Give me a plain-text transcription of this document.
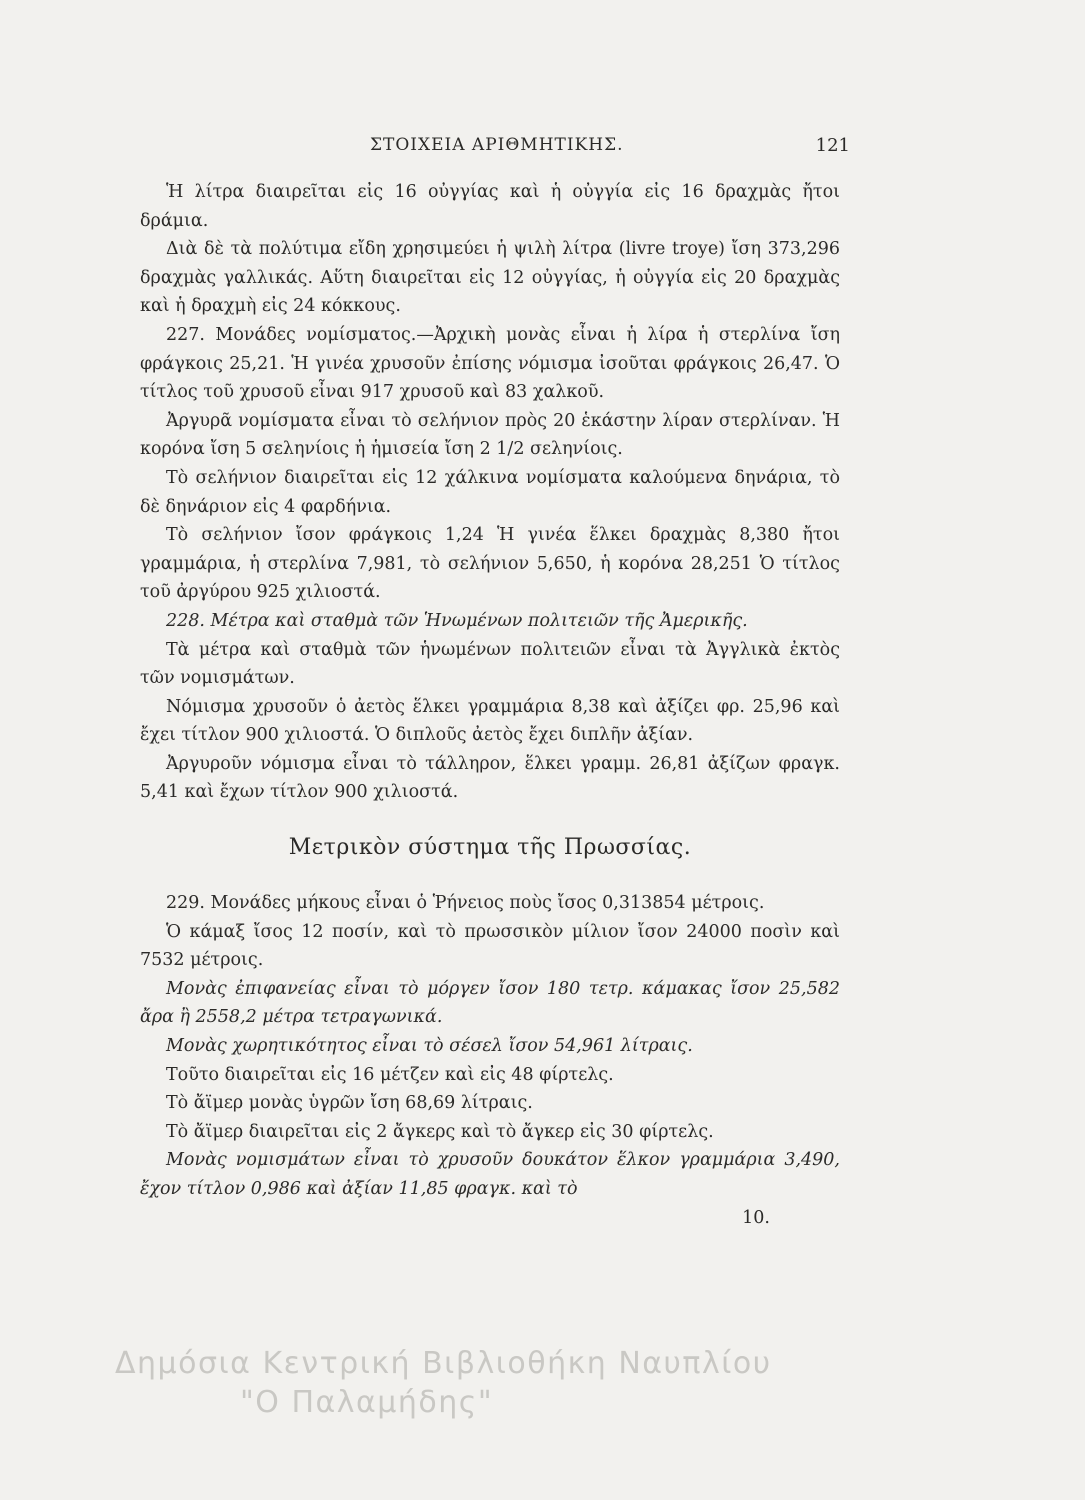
ΣΤΟΙΧΕΙΑ ΑΡΙΘΜΗΤΙΚΗΣ.	121

Ἡ λίτρα διαιρεῖται εἰς 16 οὐγγίας καὶ ἡ οὐγγία εἰς 16 δραχμὰς ἤτοι δράμια.

Διὰ δὲ τὰ πολύτιμα εἴδη χρησιμεύει ἡ ψιλὴ λίτρα (livre troye) ἴση 373,296 δραχμὰς γαλλικάς. Αὕτη διαιρεῖται εἰς 12 οὐγγίας, ἡ οὐγγία εἰς 20 δραχμὰς καὶ ἡ δραχμὴ εἰς 24 κόκκους.

227. Μονάδες νομίσματος.—Ἀρχικὴ μονὰς εἶναι ἡ λίρα ἡ στερλίνα ἴση φράγκοις 25,21. Ἡ γινέα χρυσοῦν ἐπίσης νόμισμα ἰσοῦται φράγκοις 26,47. Ὁ τίτλος τοῦ χρυσοῦ εἶναι 917 χρυσοῦ καὶ 83 χαλκοῦ.

Ἀργυρᾶ νομίσματα εἶναι τὸ σελήνιον πρὸς 20 ἑκάστην λίραν στερλίναν. Ἡ κορόνα ἴση 5 σεληνίοις ἡ ἡμισεία ἴση 2 1/2 σεληνίοις.

Τὸ σελήνιον διαιρεῖται εἰς 12 χάλκινα νομίσματα καλούμενα δηνάρια, τὸ δὲ δηνάριον εἰς 4 φαρδήνια.

Τὸ σελήνιον ἴσον φράγκοις 1,24 Ἡ γινέα ἕλκει δραχμὰς 8,380 ἤτοι γραμμάρια, ἡ στερλίνα 7,981, τὸ σελήνιον 5,650, ἡ κορόνα 28,251 Ὁ τίτλος τοῦ ἀργύρου 925 χιλιοστά.

228. Μέτρα καὶ σταθμὰ τῶν Ἡνωμένων πολιτειῶν τῆς Ἀμερικῆς.

Τὰ μέτρα καὶ σταθμὰ τῶν ἡνωμένων πολιτειῶν εἶναι τὰ Ἀγγλικὰ ἐκτὸς τῶν νομισμάτων.

Νόμισμα χρυσοῦν ὁ ἀετὸς ἕλκει γραμμάρια 8,38 καὶ ἀξίζει φρ. 25,96 καὶ ἔχει τίτλον 900 χιλιοστά. Ὁ διπλοῦς ἀετὸς ἔχει διπλῆν ἀξίαν.

Ἀργυροῦν νόμισμα εἶναι τὸ τάλληρον, ἕλκει γραμμ. 26,81 ἀξίζων φραγκ. 5,41 καὶ ἔχων τίτλον 900 χιλιοστά.

Μετρικὸν σύστημα τῆς Πρωσσίας.

229. Μονάδες μήκους εἶναι ὁ Ῥήνειος ποὺς ἴσος 0,313854 μέτροις.

Ὁ κάμαξ ἴσος 12 ποσίν, καὶ τὸ πρωσσικὸν μίλιον ἴσον 24000 ποσὶν καὶ 7532 μέτροις.

Μονὰς ἐπιφανείας εἶναι τὸ μόργεν ἴσον 180 τετρ. κάμακας ἴσον 25,582 ἄρα ἢ 2558,2 μέτρα τετραγωνικά.

Μονὰς χωρητικότητος εἶναι τὸ σέσελ ἴσον 54,961 λίτραις.

Τοῦτο διαιρεῖται εἰς 16 μέτζεν καὶ εἰς 48 φίρτελς.

Τὸ ἄϊμερ μονὰς ὑγρῶν ἴση 68,69 λίτραις.

Τὸ ἄϊμερ διαιρεῖται εἰς 2 ἄγκερς καὶ τὸ ἄγκερ εἰς 30 φίρτελς.

Μονὰς νομισμάτων εἶναι τὸ χρυσοῦν δουκάτον ἕλκον γραμμάρια 3,490, ἔχον τίτλον 0,986 καὶ ἀξίαν 11,85 φραγκ. καὶ τὸ

10.

Δημόσια Κεντρική Βιβλιοθήκη Ναυπλίου
"Ο Παλαμήδης"
